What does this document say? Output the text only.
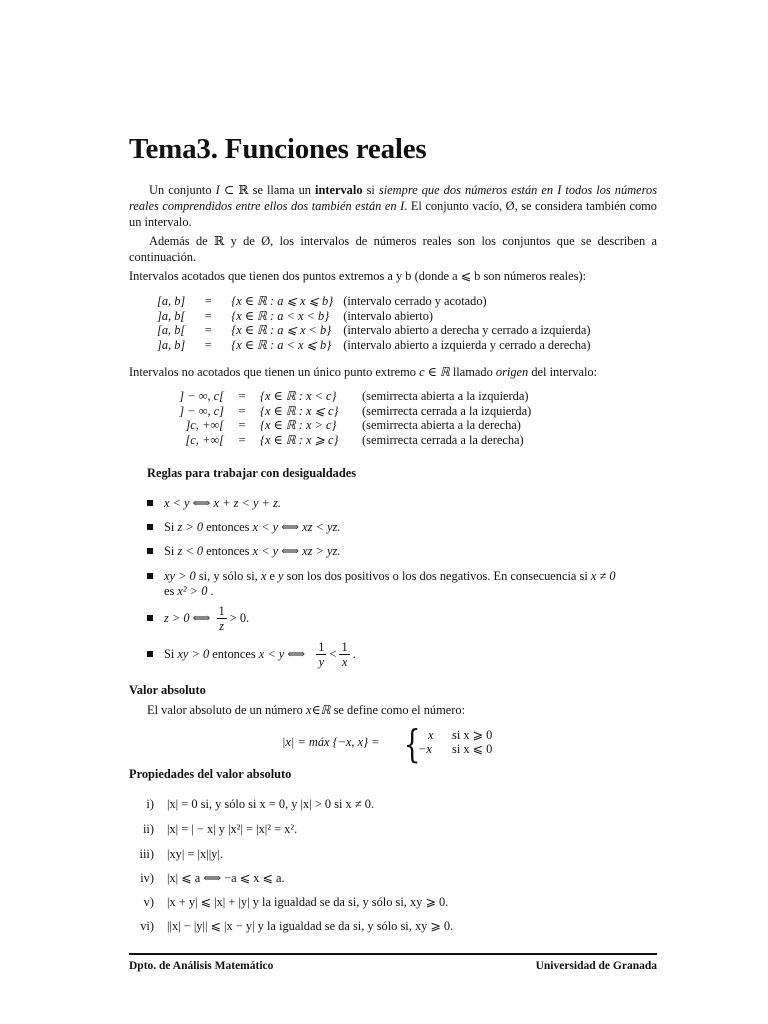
Tema3. Funciones reales
Un conjunto I ⊂ ℝ se llama un intervalo si siempre que dos números están en I todos los números reales comprendidos entre ellos dos también están en I. El conjunto vacío, Ø, se considera también como un intervalo.
Además de ℝ y de Ø, los intervalos de números reales son los conjuntos que se describen a continuación.
Intervalos acotados que tienen dos puntos extremos a y b (donde a ⩽ b son números reales):
[a, b]	=	{x ∈ ℝ : a ⩽ x ⩽ b}	(intervalo cerrado y acotado)
]a, b[	=	{x ∈ ℝ : a < x < b}	(intervalo abierto)
[a, b[	=	{x ∈ ℝ : a ⩽ x < b}	(intervalo abierto a derecha y cerrado a izquierda)
]a, b]	=	{x ∈ ℝ : a < x ⩽ b}	(intervalo abierto a izquierda y cerrado a derecha)
Intervalos no acotados que tienen un único punto extremo c ∈ ℝ llamado origen del intervalo:
] − ∞, c[	=	{x ∈ ℝ : x < c}	(semirrecta abierta a la izquierda)
] − ∞, c]	=	{x ∈ ℝ : x ⩽ c}	(semirrecta cerrada a la izquierda)
]c, +∞[	=	{x ∈ ℝ : x > c}	(semirrecta abierta a la derecha)
[c, +∞[	=	{x ∈ ℝ : x ⩾ c}	(semirrecta cerrada a la derecha)
Reglas para trabajar con desigualdades
x < y ⟺ x + z < y + z.
Si z > 0 entonces x < y ⟺ xz < yz.
Si z < 0 entonces x < y ⟺ xz > yz.
xy > 0 si, y sólo si, x e y son los dos positivos o los dos negativos. En consecuencia si x ≠ 0
es x² > 0 .
z > 0 ⟺ $\frac{1}{z} > 0$.
Si xy > 0 entonces x < y ⟺ $\frac{1}{y} < \frac{1}{x}$ .
Valor absoluto
El valor absoluto de un número x∈ℝ se define como el número:
|x| = máx {−x, x} = { x si x ⩾ 0
−x si x ⩽ 0
Propiedades del valor absoluto
i) |x| = 0 si, y sólo si x = 0, y |x| > 0 si x ≠ 0.
ii) |x| = | − x| y |x²| = |x|² = x².
iii) |xy| = |x||y|.
iv) |x| ⩽ a ⟺ −a ⩽ x ⩽ a.
v) |x + y| ⩽ |x| + |y| y la igualdad se da si, y sólo si, xy ⩾ 0.
vi) ||x| − |y|| ⩽ |x − y| y la igualdad se da si, y sólo si, xy ⩾ 0.
Dpto. de Análisis Matemático	Universidad de Granada
